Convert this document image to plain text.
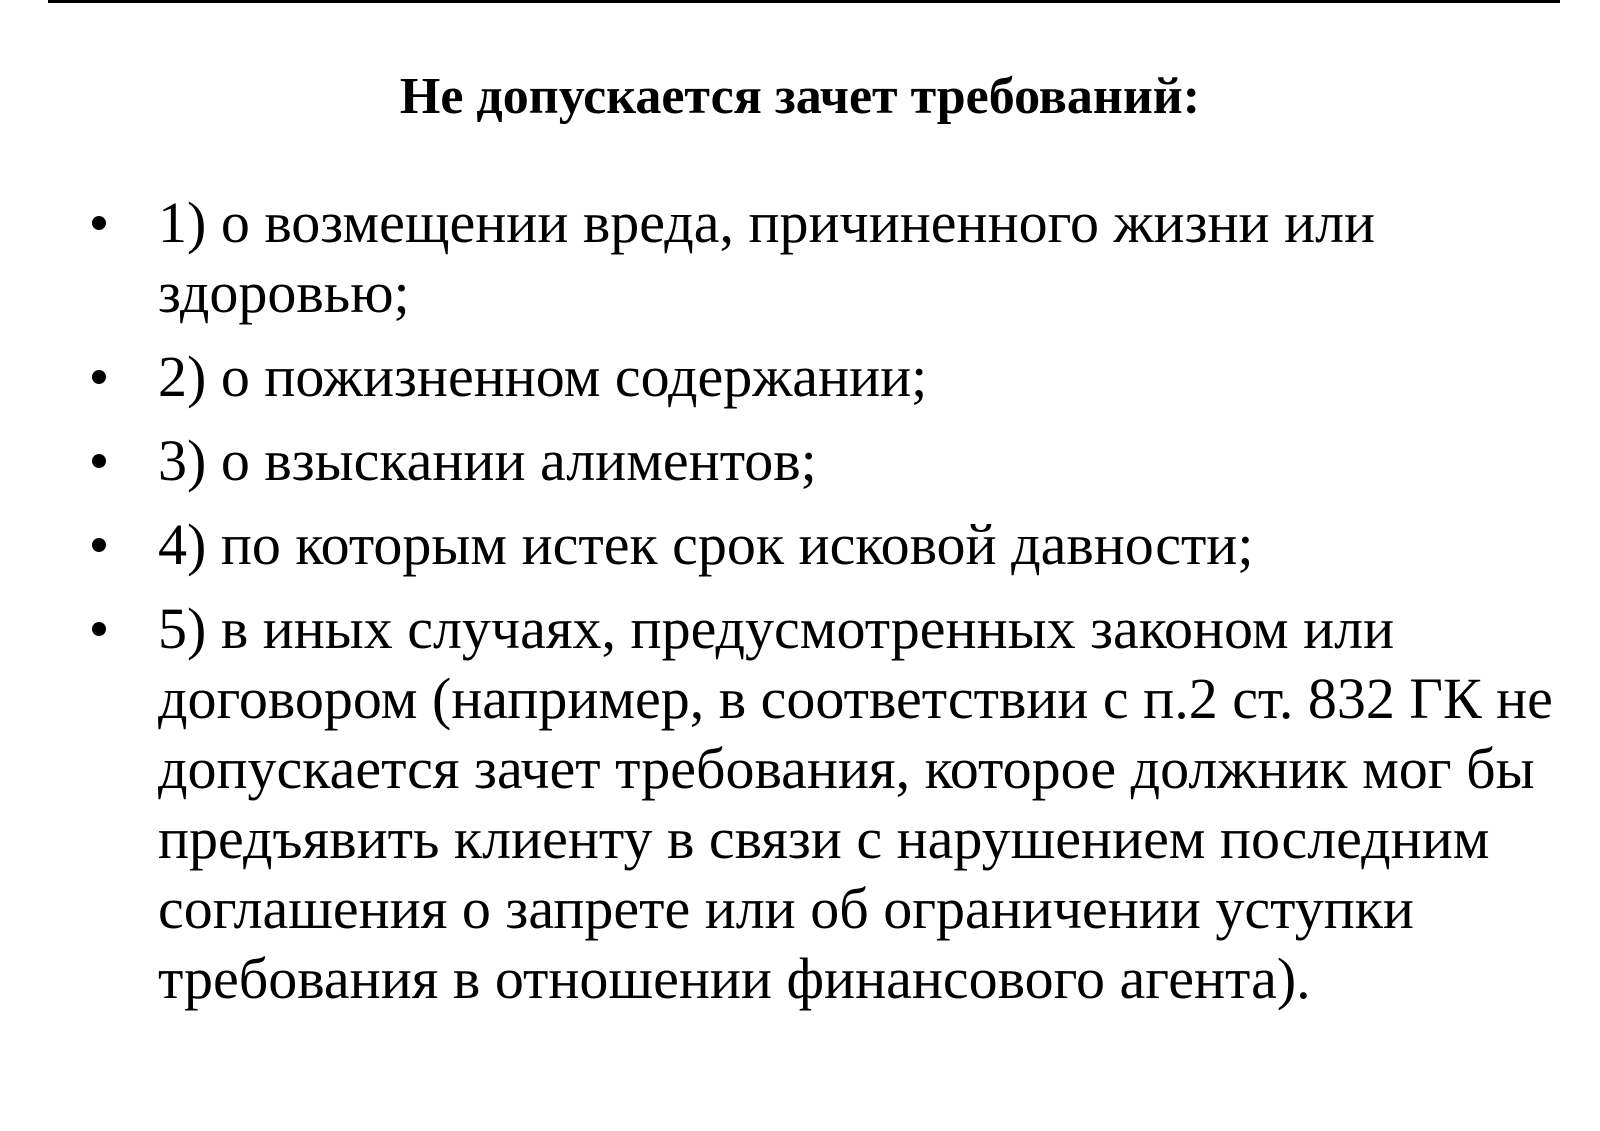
Не допускается зачет требований:
1) о возмещении вреда, причиненного жизни или здоровью;
2) о пожизненном содержании;
3) о взыскании алиментов;
4) по которым истек срок исковой давности;
5) в иных случаях, предусмотренных законом или договором (например, в соответствии с п.2 ст. 832 ГК не допускается зачет требования, которое должник мог бы предъявить клиенту в связи с нарушением последним соглашения о запрете или об ограничении уступки требования в отношении финансового агента).
